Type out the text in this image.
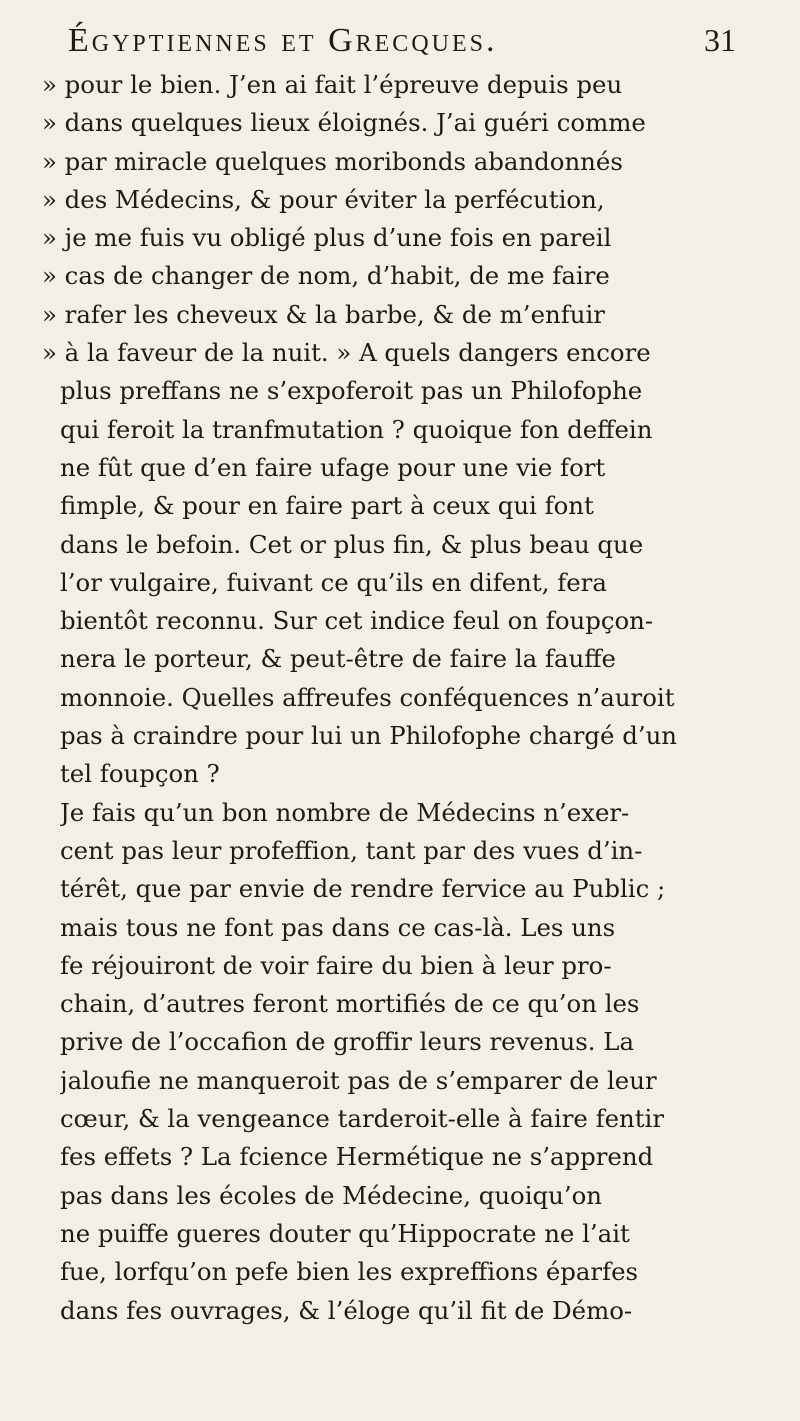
Égyptiennes et Grecques.	31
» pour le bien. J’en ai fait l’épreuve depuis peu
» dans quelques lieux éloignés. J’ai guéri comme
» par miracle quelques moribonds abandonnés
» des Médecins, & pour éviter la perfécution,
» je me fuis vu obligé plus d’une fois en pareil
» cas de changer de nom, d’habit, de me faire
» rafer les cheveux & la barbe, & de m’enfuir
» à la faveur de la nuit. » A quels dangers encore
plus preffans ne s’expoferoit pas un Philofophe
qui feroit la tranfmutation ? quoique fon deffein
ne fût que d’en faire ufage pour une vie fort
fimple, & pour en faire part à ceux qui font
dans le befoin. Cet or plus fin, & plus beau que
l’or vulgaire, fuivant ce qu’ils en difent, fera
bientôt reconnu. Sur cet indice feul on foupçon-
nera le porteur, & peut-être de faire la fauffe
monnoie. Quelles affreufes conféquences n’auroit
pas à craindre pour lui un Philofophe chargé d’un
tel foupçon ?
Je fais qu’un bon nombre de Médecins n’exer-
cent pas leur profeffion, tant par des vues d’in-
térêt, que par envie de rendre fervice au Public ;
mais tous ne font pas dans ce cas-là. Les uns
fe réjouiront de voir faire du bien à leur pro-
chain, d’autres feront mortifiés de ce qu’on les
prive de l’occafion de groffir leurs revenus. La
jaloufie ne manqueroit pas de s’emparer de leur
cœur, & la vengeance tarderoit-elle à faire fentir
fes effets ? La fcience Hermétique ne s’apprend
pas dans les écoles de Médecine, quoiqu’on
ne puiffe gueres douter qu’Hippocrate ne l’ait
fue, lorfqu’on pefe bien les expreffions éparfes
dans fes ouvrages, & l’éloge qu’il fit de Démo-
